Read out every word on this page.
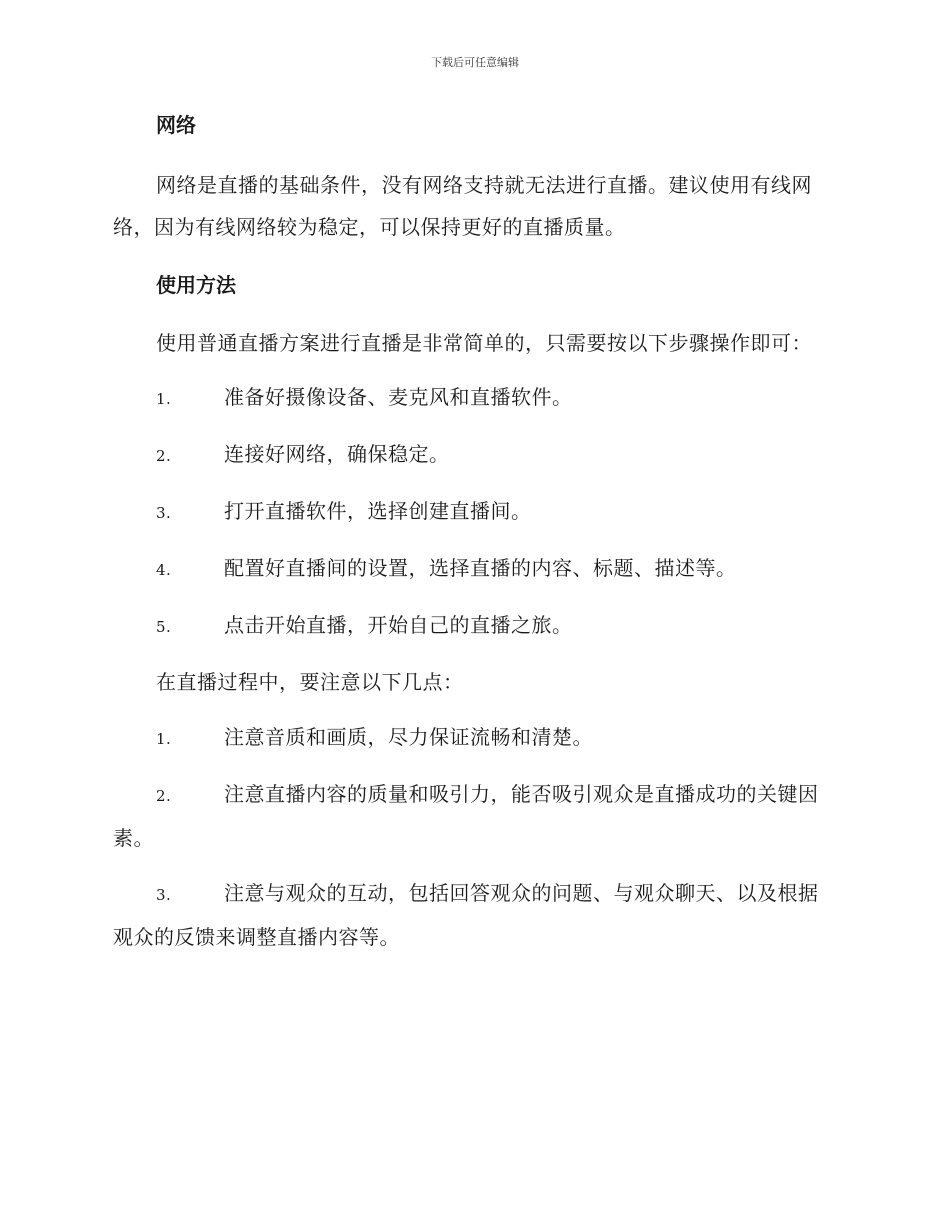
下载后可任意编辑
网络

网络是直播的基础条件，没有网络支持就无法进行直播。建议使用有线网络，因为有线网络较为稳定，可以保持更好的直播质量。

使用方法

使用普通直播方案进行直播是非常简单的，只需要按以下步骤操作即可：

1.	准备好摄像设备、麦克风和直播软件。

2.	连接好网络，确保稳定。

3.	打开直播软件，选择创建直播间。

4.	配置好直播间的设置，选择直播的内容、标题、描述等。

5.	点击开始直播，开始自己的直播之旅。

在直播过程中，要注意以下几点：

1.	注意音质和画质，尽力保证流畅和清楚。

2.	注意直播内容的质量和吸引力，能否吸引观众是直播成功的关键因素。

3.	注意与观众的互动，包括回答观众的问题、与观众聊天、以及根据观众的反馈来调整直播内容等。
